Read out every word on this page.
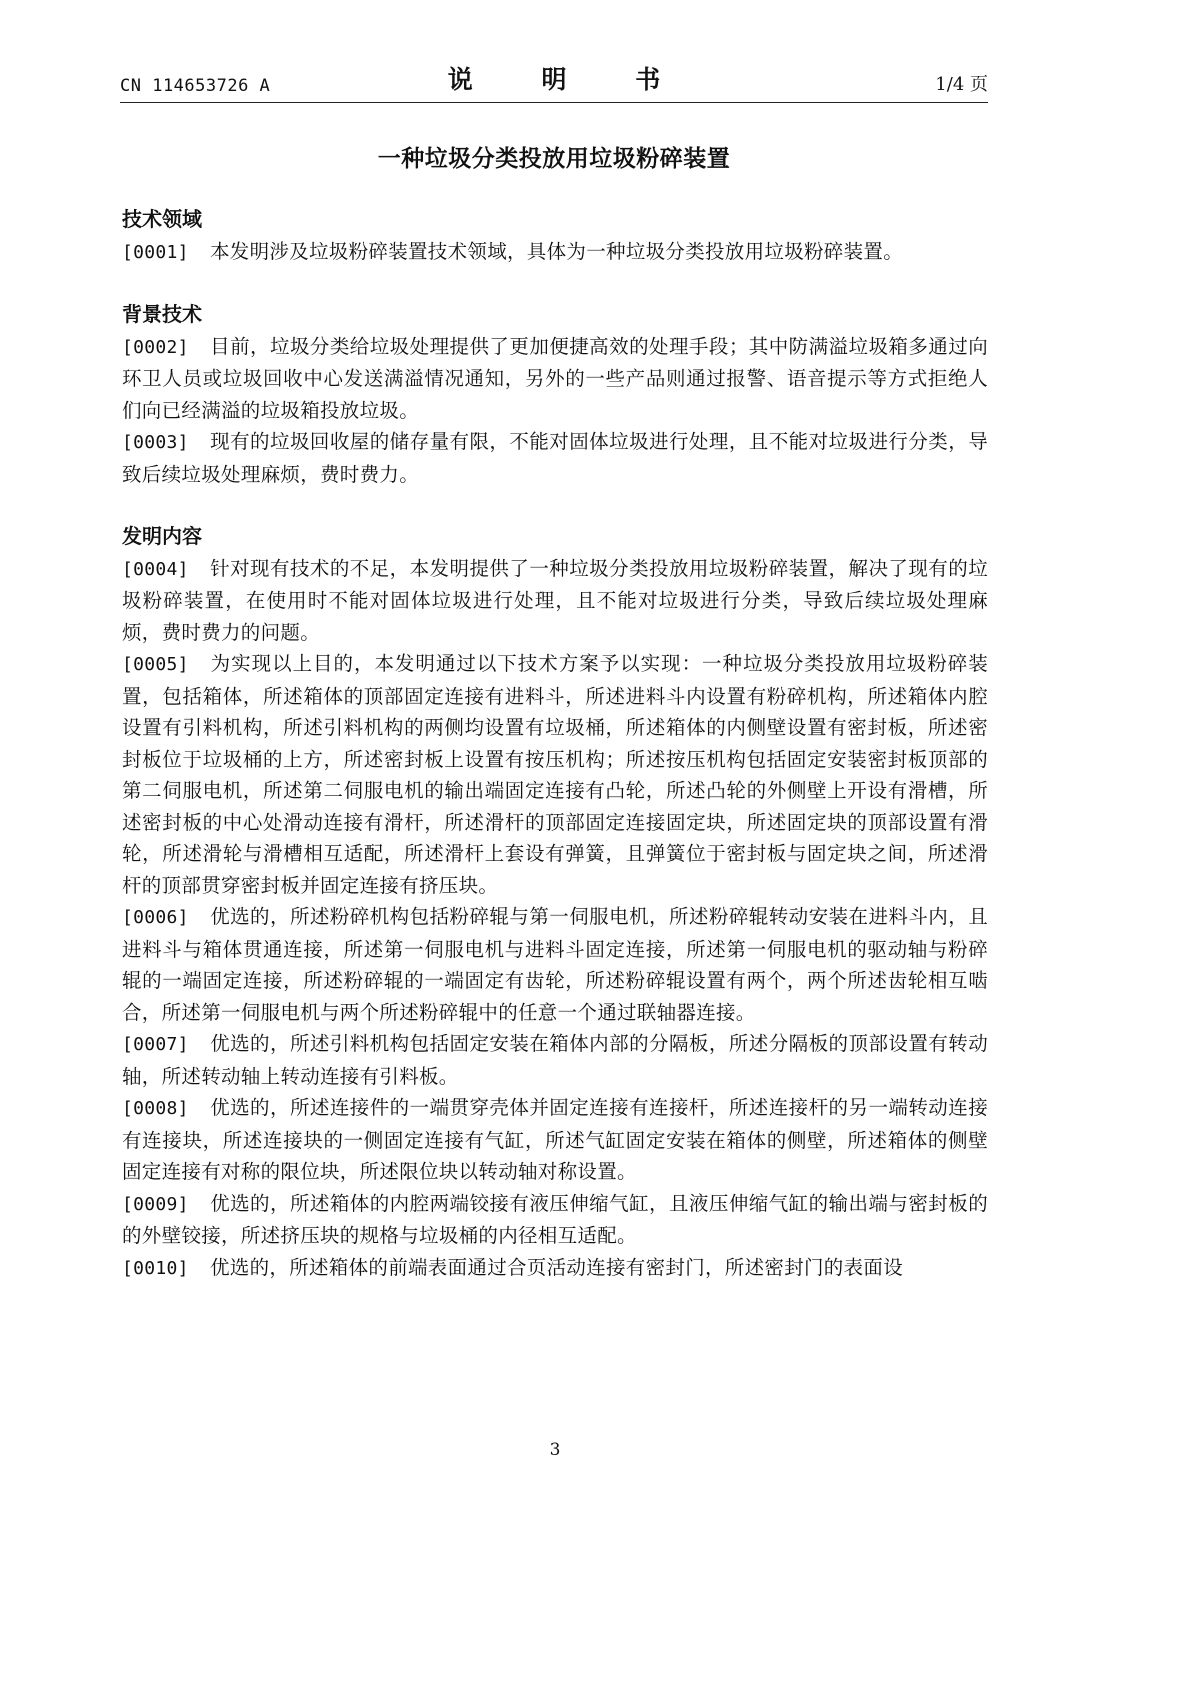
CN 114653726 A	说 明 书	1/4 页
一种垃圾分类投放用垃圾粉碎装置
技术领域
[0001] 本发明涉及垃圾粉碎装置技术领域，具体为一种垃圾分类投放用垃圾粉碎装置。
背景技术
[0002] 目前，垃圾分类给垃圾处理提供了更加便捷高效的处理手段；其中防满溢垃圾箱多通过向环卫人员或垃圾回收中心发送满溢情况通知，另外的一些产品则通过报警、语音提示等方式拒绝人们向已经满溢的垃圾箱投放垃圾。
[0003] 现有的垃圾回收屋的储存量有限，不能对固体垃圾进行处理，且不能对垃圾进行分类，导致后续垃圾处理麻烦，费时费力。
发明内容
[0004] 针对现有技术的不足，本发明提供了一种垃圾分类投放用垃圾粉碎装置，解决了现有的垃圾粉碎装置，在使用时不能对固体垃圾进行处理，且不能对垃圾进行分类，导致后续垃圾处理麻烦，费时费力的问题。
[0005] 为实现以上目的，本发明通过以下技术方案予以实现：一种垃圾分类投放用垃圾粉碎装置，包括箱体，所述箱体的顶部固定连接有进料斗，所述进料斗内设置有粉碎机构，所述箱体内腔设置有引料机构，所述引料机构的两侧均设置有垃圾桶，所述箱体的内侧壁设置有密封板，所述密封板位于垃圾桶的上方，所述密封板上设置有按压机构；所述按压机构包括固定安装密封板顶部的第二伺服电机，所述第二伺服电机的输出端固定连接有凸轮，所述凸轮的外侧壁上开设有滑槽，所述密封板的中心处滑动连接有滑杆，所述滑杆的顶部固定连接固定块，所述固定块的顶部设置有滑轮，所述滑轮与滑槽相互适配，所述滑杆上套设有弹簧，且弹簧位于密封板与固定块之间，所述滑杆的顶部贯穿密封板并固定连接有挤压块。
[0006] 优选的，所述粉碎机构包括粉碎辊与第一伺服电机，所述粉碎辊转动安装在进料斗内，且进料斗与箱体贯通连接，所述第一伺服电机与进料斗固定连接，所述第一伺服电机的驱动轴与粉碎辊的一端固定连接，所述粉碎辊的一端固定有齿轮，所述粉碎辊设置有两个，两个所述齿轮相互啮合，所述第一伺服电机与两个所述粉碎辊中的任意一个通过联轴器连接。
[0007] 优选的，所述引料机构包括固定安装在箱体内部的分隔板，所述分隔板的顶部设置有转动轴，所述转动轴上转动连接有引料板。
[0008] 优选的，所述连接件的一端贯穿壳体并固定连接有连接杆，所述连接杆的另一端转动连接有连接块，所述连接块的一侧固定连接有气缸，所述气缸固定安装在箱体的侧壁，所述箱体的侧壁固定连接有对称的限位块，所述限位块以转动轴对称设置。
[0009] 优选的，所述箱体的内腔两端铰接有液压伸缩气缸，且液压伸缩气缸的输出端与密封板的的外壁铰接，所述挤压块的规格与垃圾桶的内径相互适配。
[0010] 优选的，所述箱体的前端表面通过合页活动连接有密封门，所述密封门的表面设
3
